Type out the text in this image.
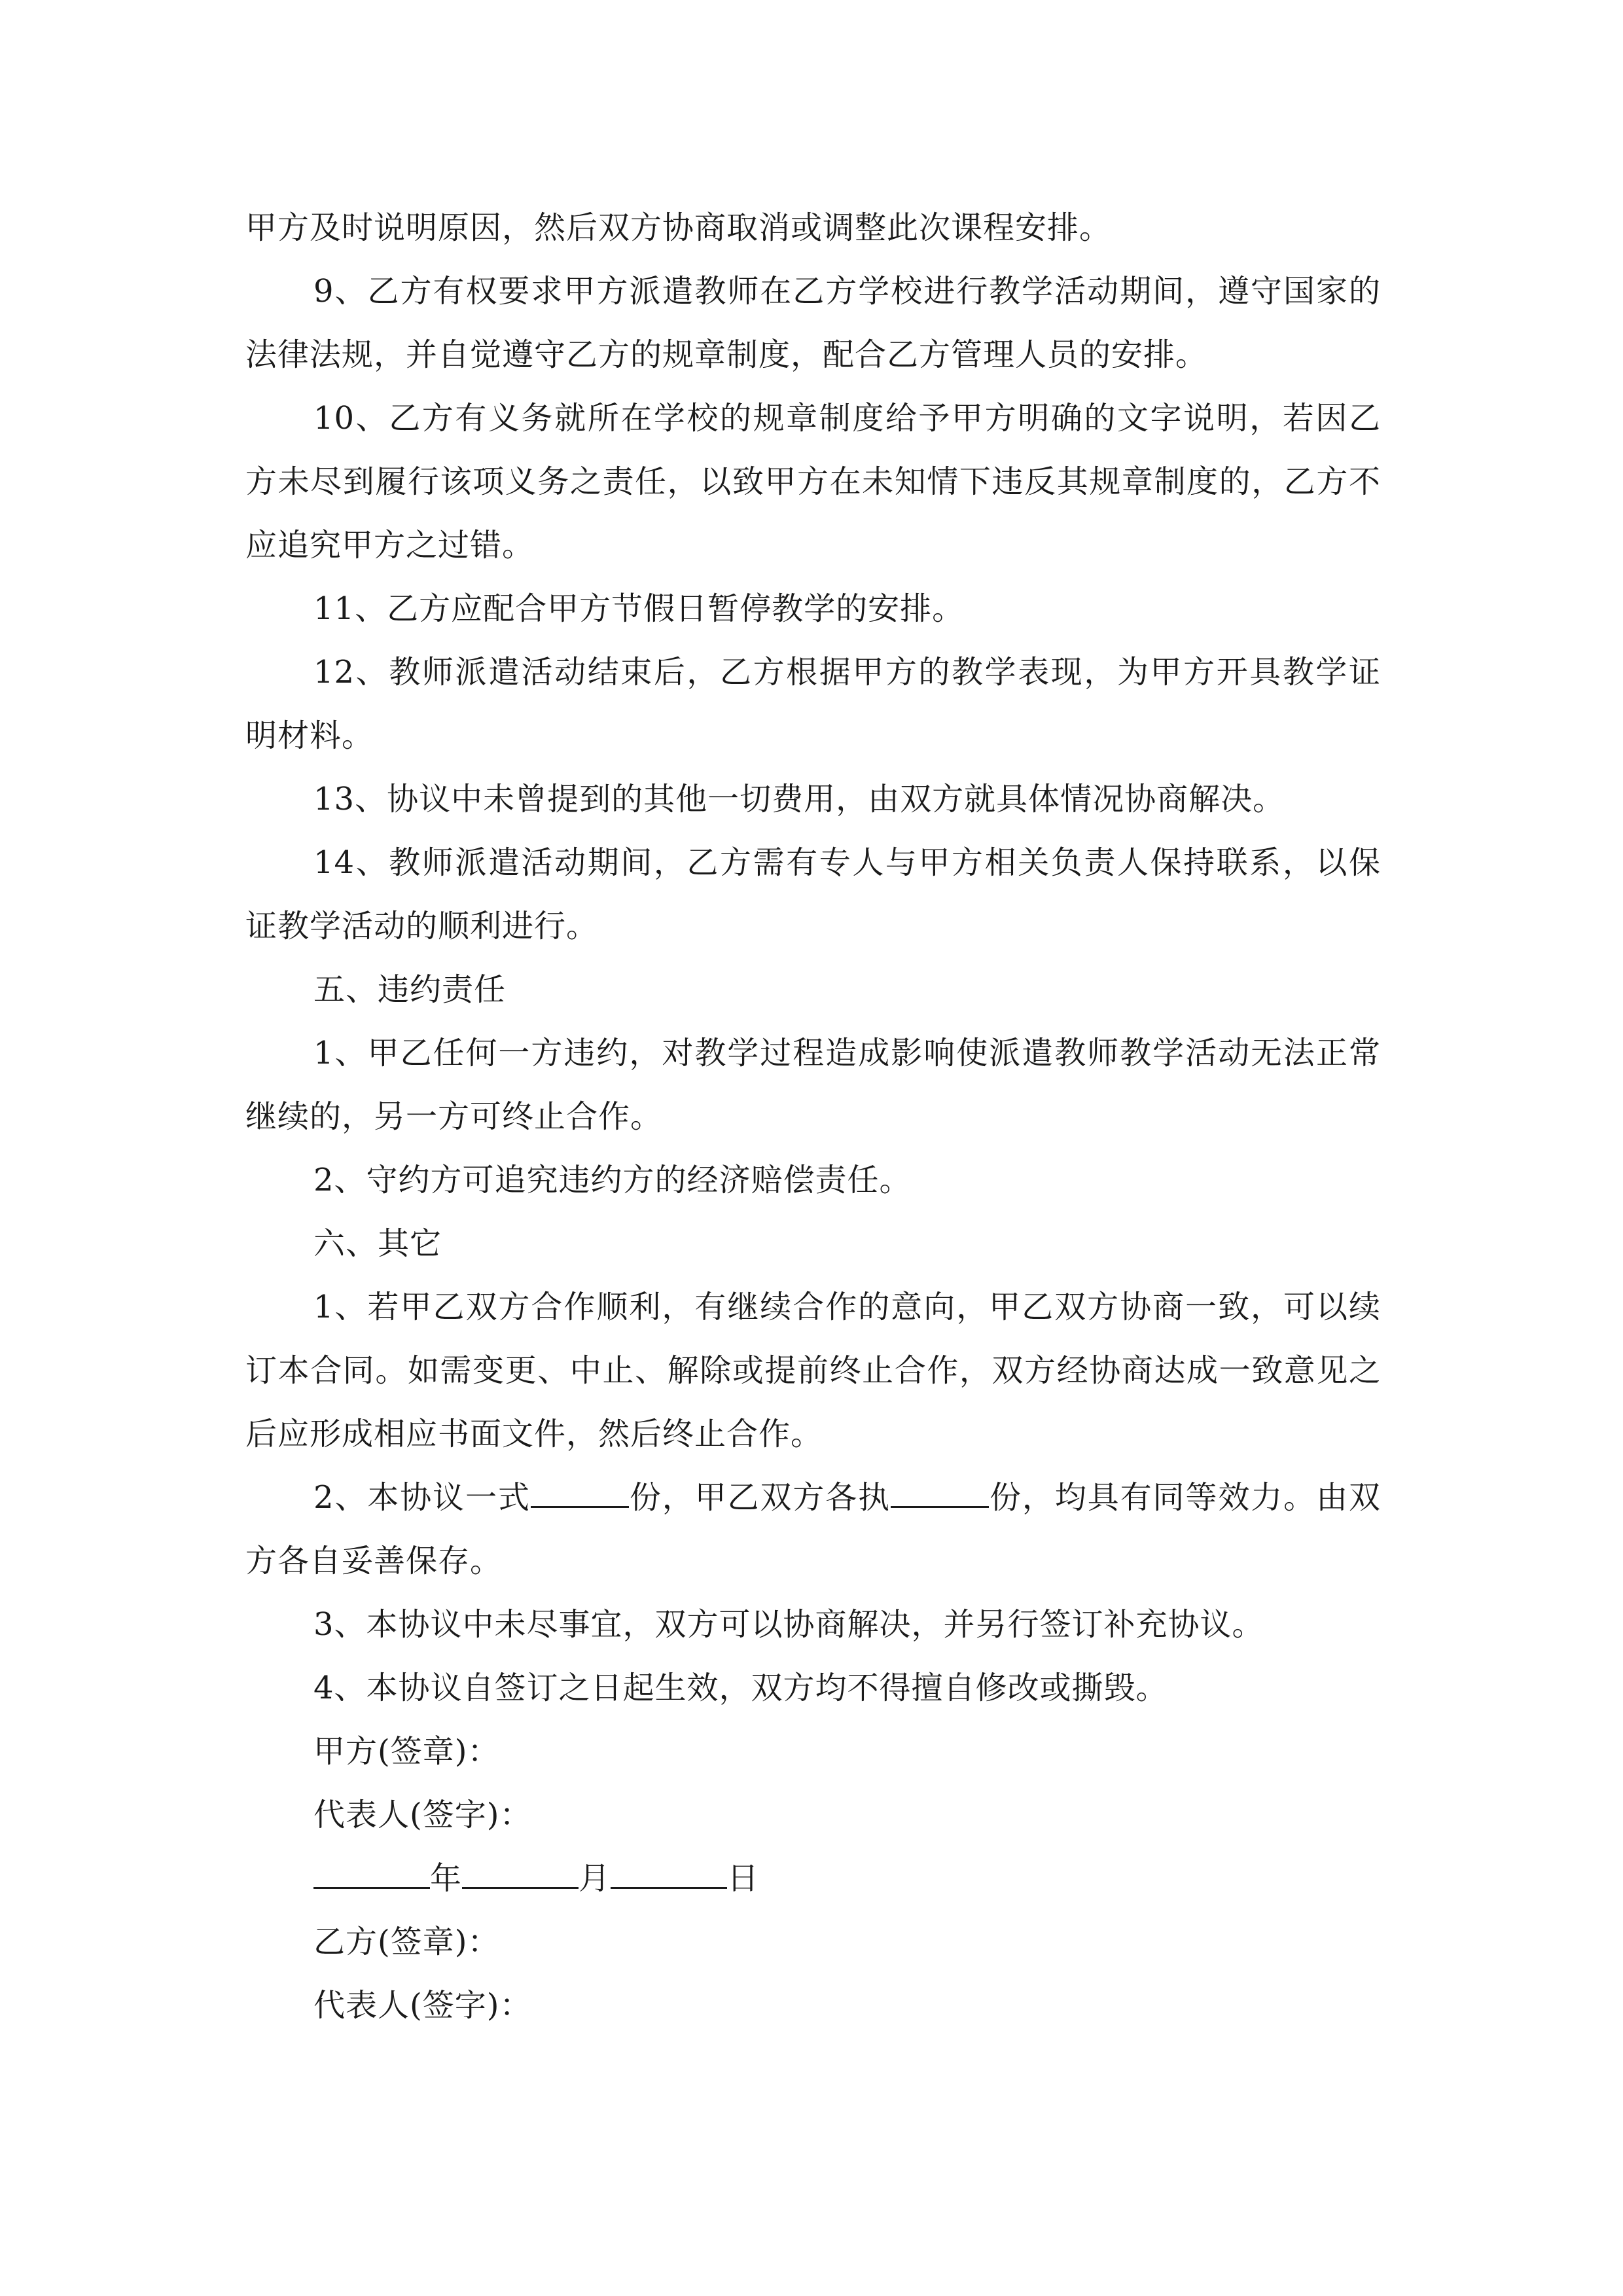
甲方及时说明原因，然后双方协商取消或调整此次课程安排。

9、乙方有权要求甲方派遣教师在乙方学校进行教学活动期间，遵守国家的法律法规，并自觉遵守乙方的规章制度，配合乙方管理人员的安排。

10、乙方有义务就所在学校的规章制度给予甲方明确的文字说明，若因乙方未尽到履行该项义务之责任，以致甲方在未知情下违反其规章制度的，乙方不应追究甲方之过错。

11、乙方应配合甲方节假日暂停教学的安排。

12、教师派遣活动结束后，乙方根据甲方的教学表现，为甲方开具教学证明材料。

13、协议中未曾提到的其他一切费用，由双方就具体情况协商解决。

14、教师派遣活动期间，乙方需有专人与甲方相关负责人保持联系，以保证教学活动的顺利进行。

五、违约责任

1、甲乙任何一方违约，对教学过程造成影响使派遣教师教学活动无法正常继续的，另一方可终止合作。

2、守约方可追究违约方的经济赔偿责任。

六、其它

1、若甲乙双方合作顺利，有继续合作的意向，甲乙双方协商一致，可以续订本合同。如需变更、中止、解除或提前终止合作，双方经协商达成一致意见之后应形成相应书面文件，然后终止合作。

2、本协议一式	份，甲乙双方各执	份，均具有同等效力。由双方各自妥善保存。

3、本协议中未尽事宜，双方可以协商解决，并另行签订补充协议。

4、本协议自签订之日起生效，双方均不得擅自修改或撕毁。

甲方(签章)：

代表人(签字)：

年	月	日

乙方(签章)：

代表人(签字)：
